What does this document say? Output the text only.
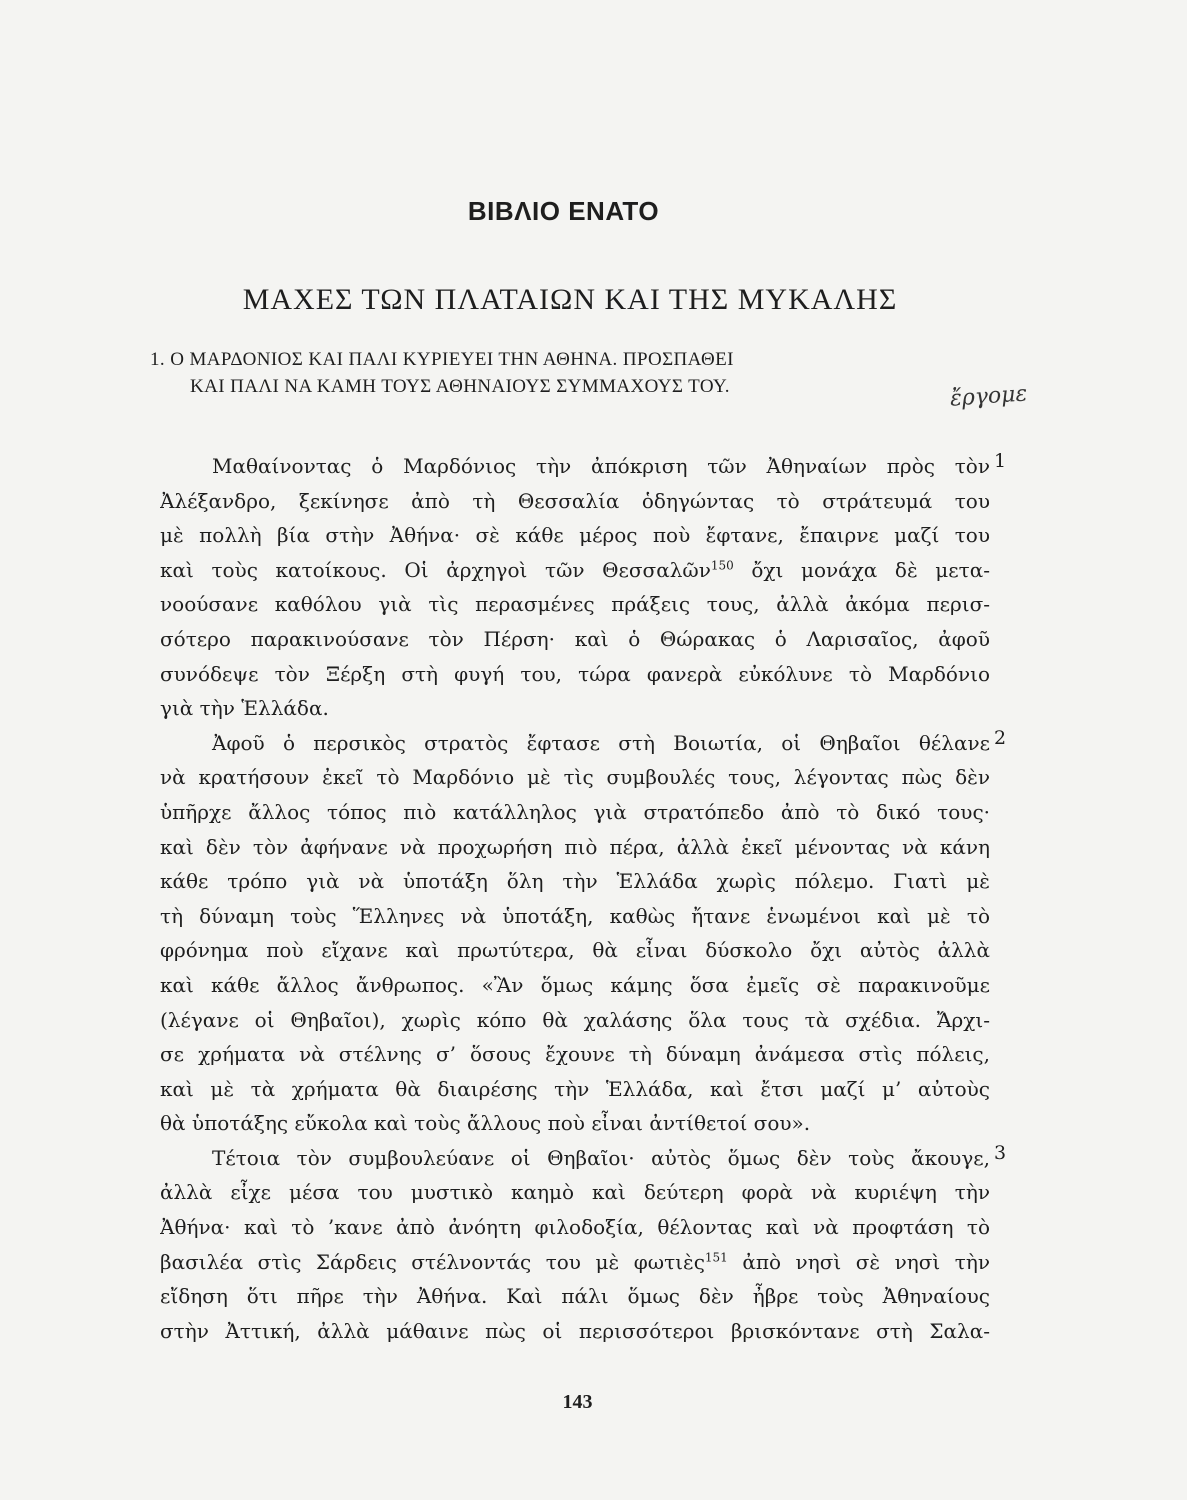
ΒΙΒΛΙΟ ΕΝΑΤΟ
ΜΑΧΕΣ ΤΩΝ ΠΛΑΤΑΙΩΝ ΚΑΙ ΤΗΣ ΜΥΚΑΛΗΣ
1. Ο ΜΑΡΔΟΝΙΟΣ ΚΑΙ ΠΑΛΙ ΚΥΡΙΕΥΕΙ ΤΗΝ ΑΘΗΝΑ. ΠΡΟΣΠΑΘΕΙ
ΚΑΙ ΠΑΛΙ ΝΑ ΚΑΜΗ ΤΟΥΣ ΑΘΗΝΑΙΟΥΣ ΣΥΜΜΑΧΟΥΣ ΤΟΥ.	ἔργομε
Μαθαίνοντας ὁ Μαρδόνιος τὴν ἀπόκριση τῶν Ἀθηναίων πρὸς τὸν
Ἀλέξανδρο, ξεκίνησε ἀπὸ τὴ Θεσσαλία ὁδηγώντας τὸ στράτευμά του
μὲ πολλὴ βία στὴν Ἀθήνα· σὲ κάθε μέρος ποὺ ἔφτανε, ἔπαιρνε μαζί του
καὶ τοὺς κατοίκους. Οἱ ἀρχηγοὶ τῶν Θεσσαλῶν$^{150}$ ὄχι μονάχα δὲ μετα-
νοούσανε καθόλου γιὰ τὶς περασμένες πράξεις τους, ἀλλὰ ἀκόμα περισ-
σότερο παρακινούσανε τὸν Πέρση· καὶ ὁ Θώρακας ὁ Λαρισαῖος, ἀφοῦ
συνόδεψε τὸν Ξέρξη στὴ φυγή του, τώρα φανερὰ εὐκόλυνε τὸ Μαρδόνιο
γιὰ τὴν Ἑλλάδα.
Ἀφοῦ ὁ περσικὸς στρατὸς ἔφτασε στὴ Βοιωτία, οἱ Θηβαῖοι θέλανε
νὰ κρατήσουν ἐκεῖ τὸ Μαρδόνιο μὲ τὶς συμβουλές τους, λέγοντας πὼς δὲν
ὑπῆρχε ἄλλος τόπος πιὸ κατάλληλος γιὰ στρατόπεδο ἀπὸ τὸ δικό τους·
καὶ δὲν τὸν ἀφήνανε νὰ προχωρήση πιὸ πέρα, ἀλλὰ ἐκεῖ μένοντας νὰ κάνη
κάθε τρόπο γιὰ νὰ ὑποτάξη ὅλη τὴν Ἑλλάδα χωρὶς πόλεμο. Γιατὶ μὲ
τὴ δύναμη τοὺς Ἕλληνες νὰ ὑποτάξη, καθὼς ἤτανε ἑνωμένοι καὶ μὲ τὸ
φρόνημα ποὺ εἴχανε καὶ πρωτύτερα, θὰ εἶναι δύσκολο ὄχι αὐτὸς ἀλλὰ
καὶ κάθε ἄλλος ἄνθρωπος. «Ἂν ὅμως κάμης ὅσα ἐμεῖς σὲ παρακινοῦμε
(λέγανε οἱ Θηβαῖοι), χωρὶς κόπο θὰ χαλάσης ὅλα τους τὰ σχέδια. Ἄρχι-
σε χρήματα νὰ στέλνης σ’ ὅσους ἔχουνε τὴ δύναμη ἀνάμεσα στὶς πόλεις,
καὶ μὲ τὰ χρήματα θὰ διαιρέσης τὴν Ἑλλάδα, καὶ ἔτσι μαζί μ’ αὐτοὺς
θὰ ὑποτάξης εὔκολα καὶ τοὺς ἄλλους ποὺ εἶναι ἀντίθετοί σου».
Τέτοια τὸν συμβουλεύανε οἱ Θηβαῖοι· αὐτὸς ὅμως δὲν τοὺς ἄκουγε,
ἀλλὰ εἶχε μέσα του μυστικὸ καημὸ καὶ δεύτερη φορὰ νὰ κυριέψη τὴν
Ἀθήνα· καὶ τὸ ’κανε ἀπὸ ἀνόητη φιλοδοξία, θέλοντας καὶ νὰ προφτάση τὸ
βασιλέα στὶς Σάρδεις στέλνοντάς του μὲ φωτιὲς$^{151}$ ἀπὸ νησὶ σὲ νησὶ τὴν
εἴδηση ὅτι πῆρε τὴν Ἀθήνα. Καὶ πάλι ὅμως δὲν ἦβρε τοὺς Ἀθηναίους
στὴν Ἀττική, ἀλλὰ μάθαινε πὼς οἱ περισσότεροι βρισκόντανε στὴ Σαλα-
1
2
3
143
